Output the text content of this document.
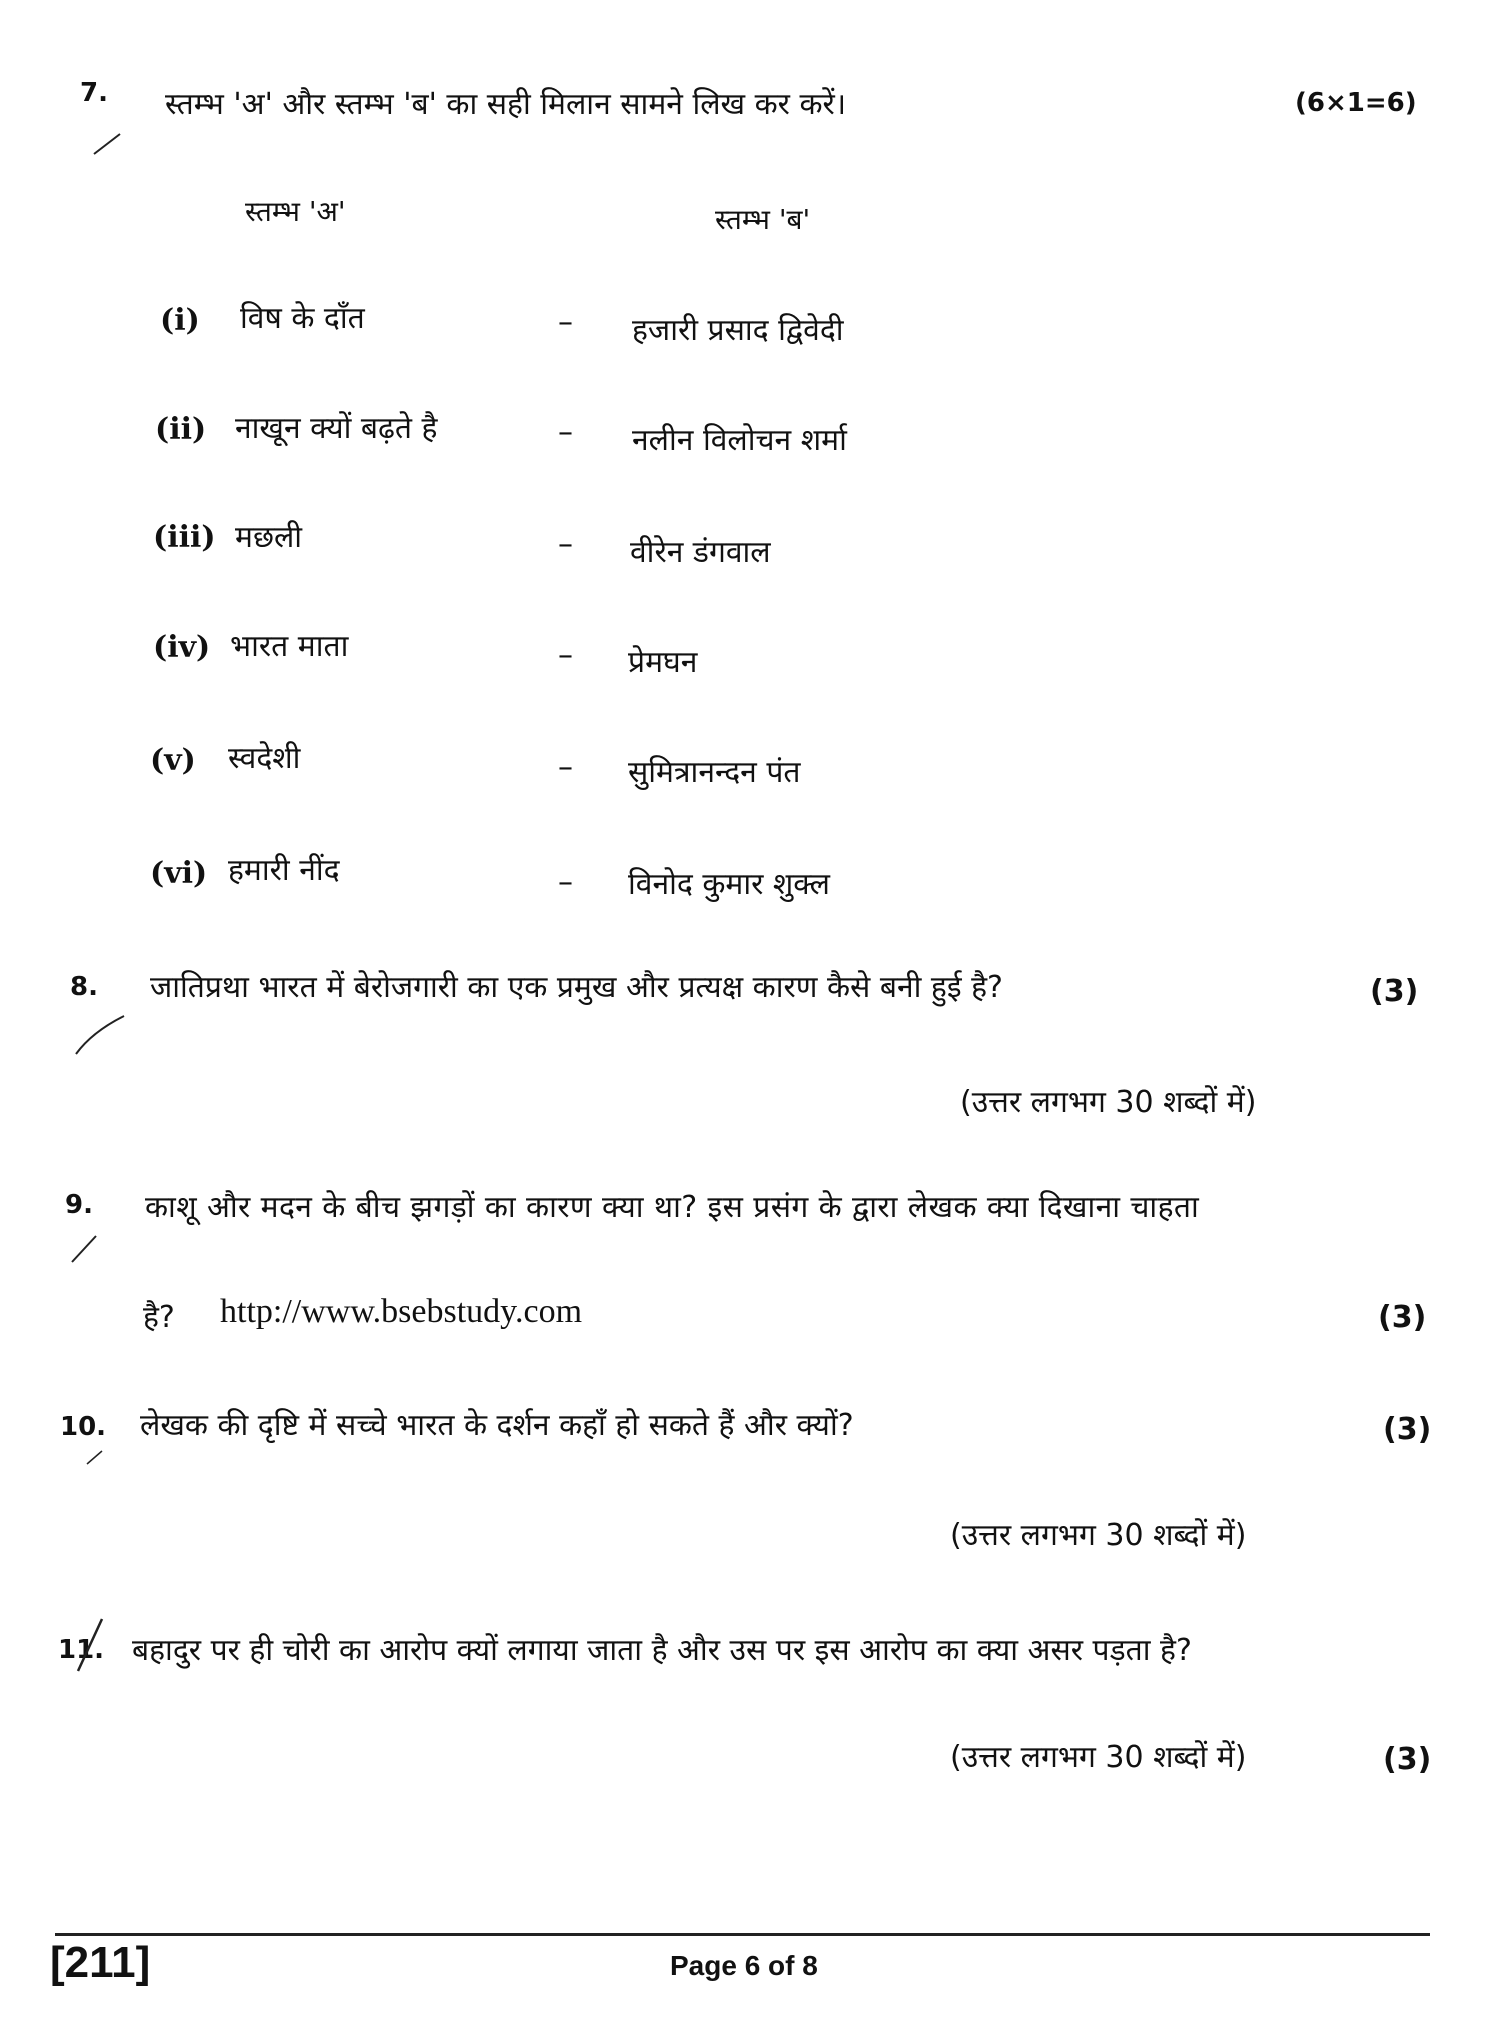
7. स्तम्भ 'अ' और स्तम्भ 'ब' का सही मिलान सामने लिख कर करें।	(6×1=6)
स्तम्भ 'अ'	स्तम्भ 'ब'
(i) विष के दाँत	– हजारी प्रसाद द्विवेदी
(ii) नाखून क्यों बढ़ते है	– नलीन विलोचन शर्मा
(iii) मछली	– वीरेन डंगवाल
(iv) भारत माता	– प्रेमघन
(v) स्वदेशी	– सुमित्रानन्दन पंत
(vi) हमारी नींद	– विनोद कुमार शुक्ल
8. जातिप्रथा भारत में बेरोजगारी का एक प्रमुख और प्रत्यक्ष कारण कैसे बनी हुई है?	(3)
(उत्तर लगभग 30 शब्दों में)
9. काशू और मदन के बीच झगड़ों का कारण क्या था? इस प्रसंग के द्वारा लेखक क्या दिखाना चाहता
है? http://www.bsebstudy.com	(3)
10. लेखक की दृष्टि में सच्चे भारत के दर्शन कहाँ हो सकते हैं और क्यों?	(3)
(उत्तर लगभग 30 शब्दों में)
11. बहादुर पर ही चोरी का आरोप क्यों लगाया जाता है और उस पर इस आरोप का क्या असर पड़ता है?
(उत्तर लगभग 30 शब्दों में)	(3)
[211]	Page 6 of 8
